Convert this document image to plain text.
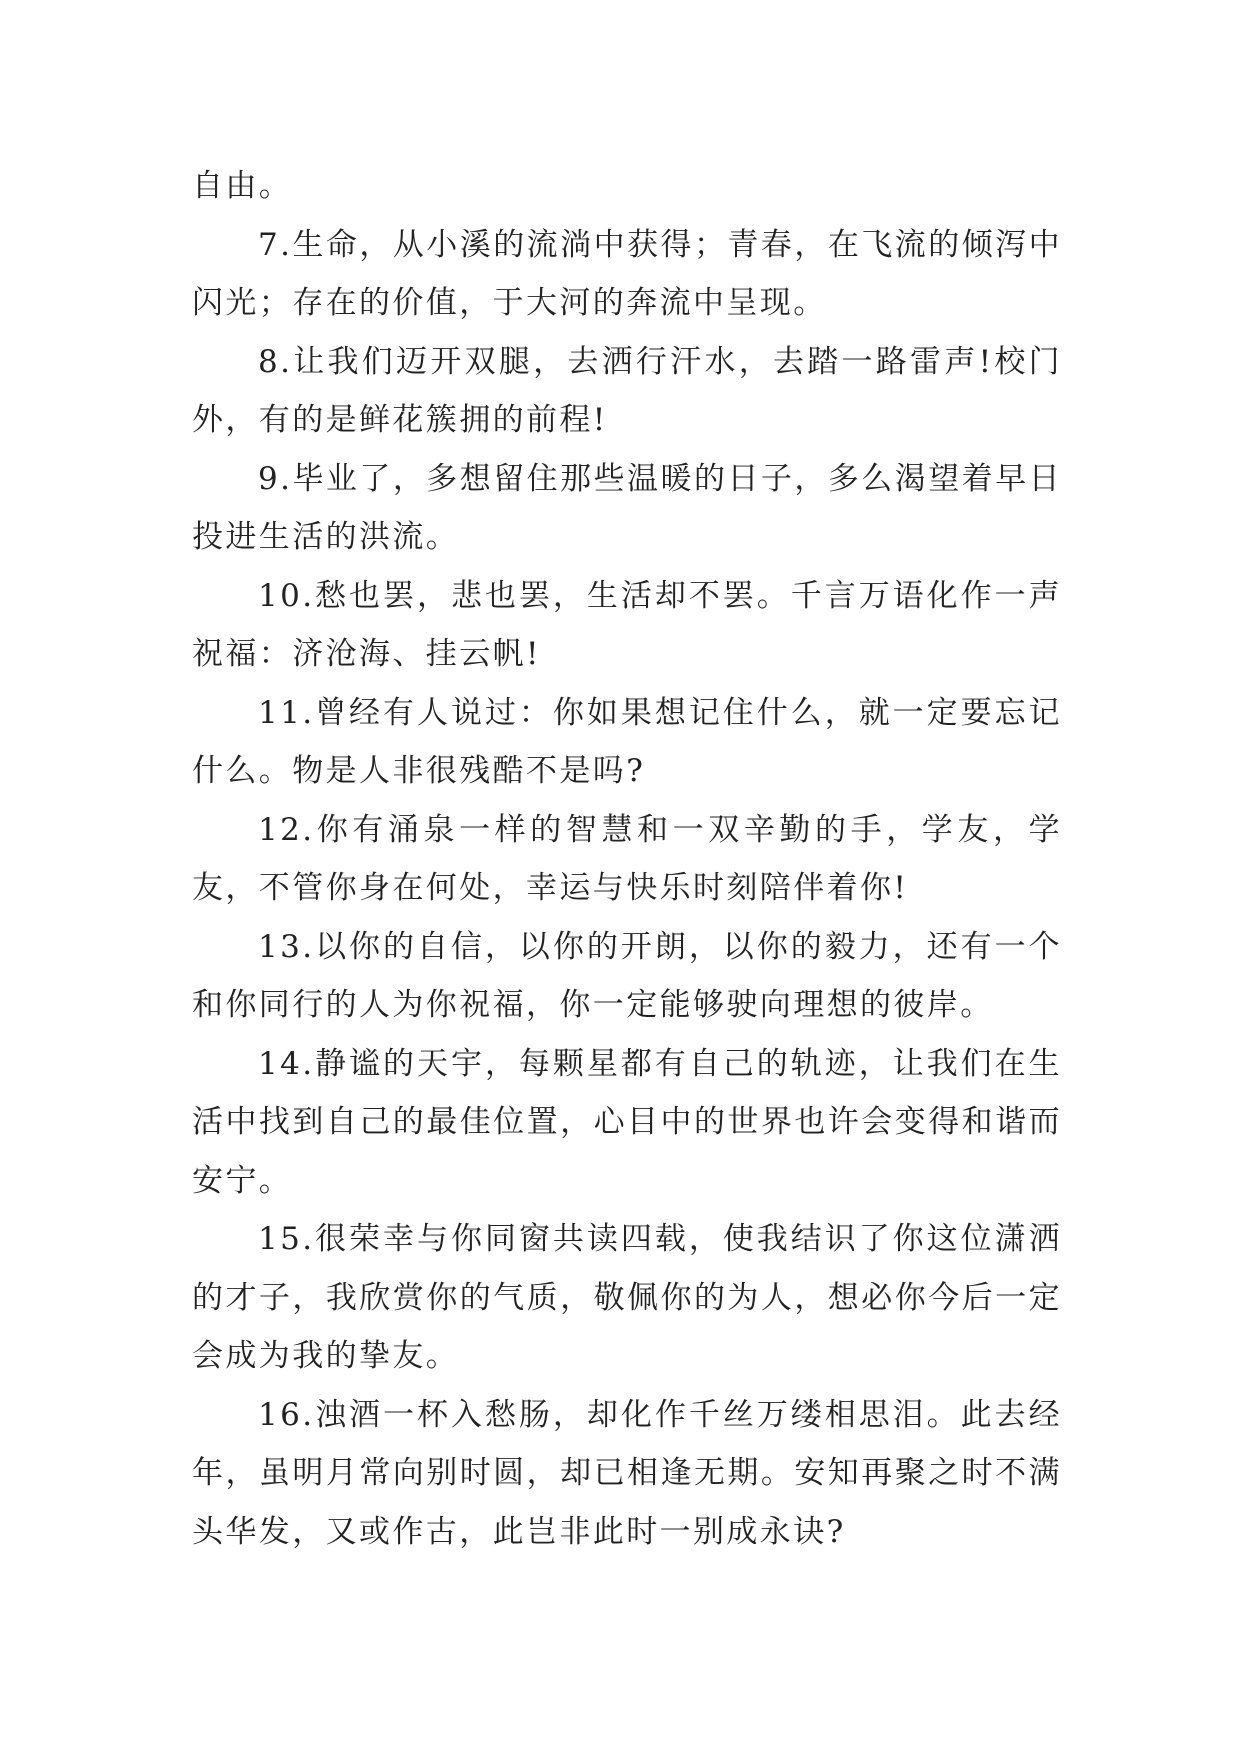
自由。

7.生命，从小溪的流淌中获得；青春，在飞流的倾泻中闪光；存在的价值，于大河的奔流中呈现。

8.让我们迈开双腿，去洒行汗水，去踏一路雷声!校门外，有的是鲜花簇拥的前程!

9.毕业了，多想留住那些温暖的日子，多么渴望着早日投进生活的洪流。

10.愁也罢，悲也罢，生活却不罢。千言万语化作一声祝福：济沧海、挂云帆!

11.曾经有人说过：你如果想记住什么，就一定要忘记什么。物是人非很残酷不是吗?

12.你有涌泉一样的智慧和一双辛勤的手，学友，学友，不管你身在何处，幸运与快乐时刻陪伴着你!

13.以你的自信，以你的开朗，以你的毅力，还有一个和你同行的人为你祝福，你一定能够驶向理想的彼岸。

14.静谧的天宇，每颗星都有自己的轨迹，让我们在生活中找到自己的最佳位置，心目中的世界也许会变得和谐而安宁。

15.很荣幸与你同窗共读四载，使我结识了你这位潇洒的才子，我欣赏你的气质，敬佩你的为人，想必你今后一定会成为我的挚友。

16.浊酒一杯入愁肠，却化作千丝万缕相思泪。此去经年，虽明月常向别时圆，却已相逢无期。安知再聚之时不满头华发，又或作古，此岂非此时一别成永诀?
